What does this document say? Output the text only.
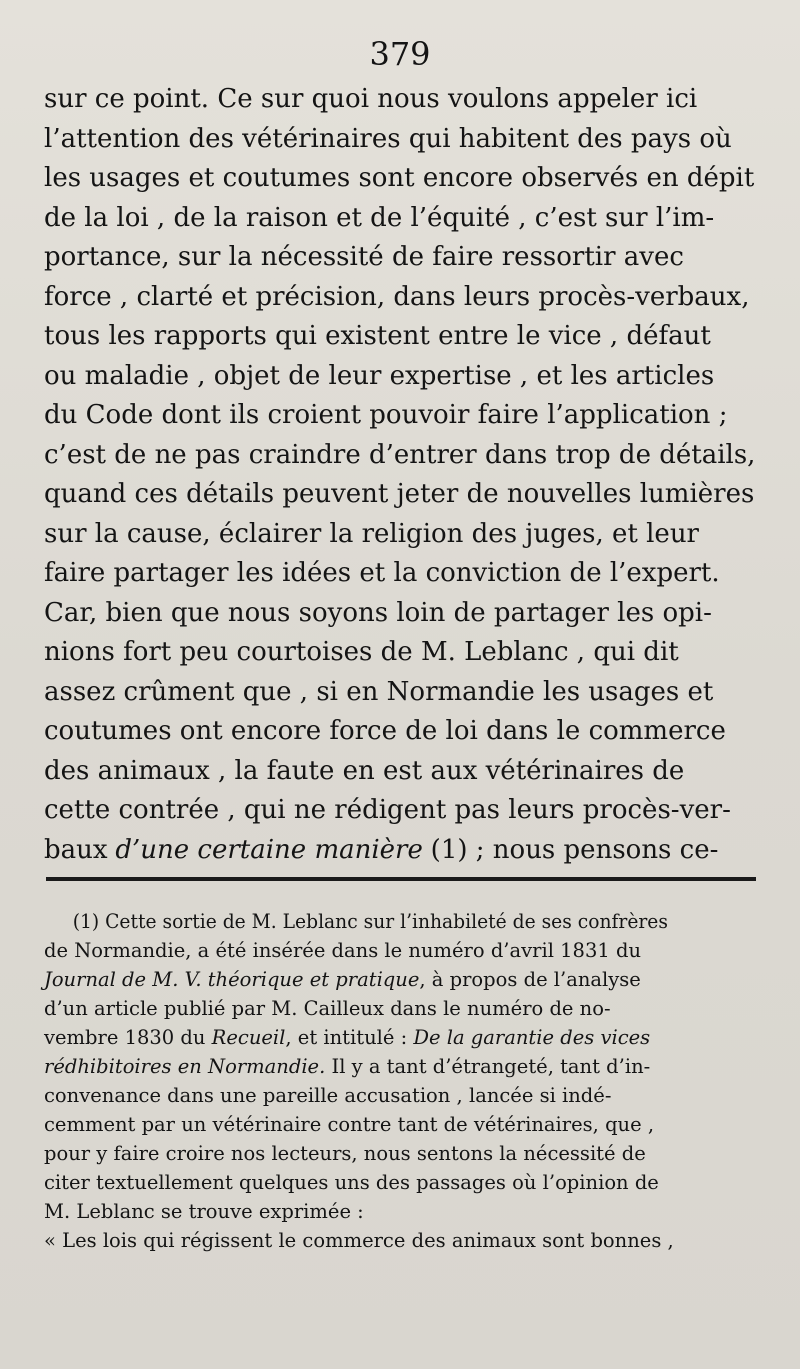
379
sur ce point. Ce sur quoi nous voulons appeler ici
l’attention des vétérinaires qui habitent des pays où
les usages et coutumes sont encore observés en dépit
de la loi , de la raison et de l’équité , c’est sur l’im-
portance, sur la nécessité de faire ressortir avec
force , clarté et précision, dans leurs procès-verbaux,
tous les rapports qui existent entre le vice , défaut
ou maladie , objet de leur expertise , et les articles
du Code dont ils croient pouvoir faire l’application ;
c’est de ne pas craindre d’entrer dans trop de détails,
quand ces détails peuvent jeter de nouvelles lumières
sur la cause, éclairer la religion des juges, et leur
faire partager les idées et la conviction de l’expert.
Car, bien que nous soyons loin de partager les opi-
nions fort peu courtoises de M. Leblanc , qui dit
assez crûment que , si en Normandie les usages et
coutumes ont encore force de loi dans le commerce
des animaux , la faute en est aux vétérinaires de
cette contrée , qui ne rédigent pas leurs procès-ver-
baux d’une certaine manière (1) ; nous pensons ce-
(1) Cette sortie de M. Leblanc sur l’inhabileté de ses confrères
de Normandie, a été insérée dans le numéro d’avril 1831 du
Journal de M. V. théorique et pratique, à propos de l’analyse
d’un article publié par M. Cailleux dans le numéro de no-
vembre 1830 du Recueil, et intitulé : De la garantie des vices
rédhibitoires en Normandie. Il y a tant d’étrangeté, tant d’in-
convenance dans une pareille accusation , lancée si indé-
cemment par un vétérinaire contre tant de vétérinaires, que ,
pour y faire croire nos lecteurs, nous sentons la nécessité de
citer textuellement quelques uns des passages où l’opinion de
M. Leblanc se trouve exprimée :
« Les lois qui régissent le commerce des animaux sont bonnes ,
